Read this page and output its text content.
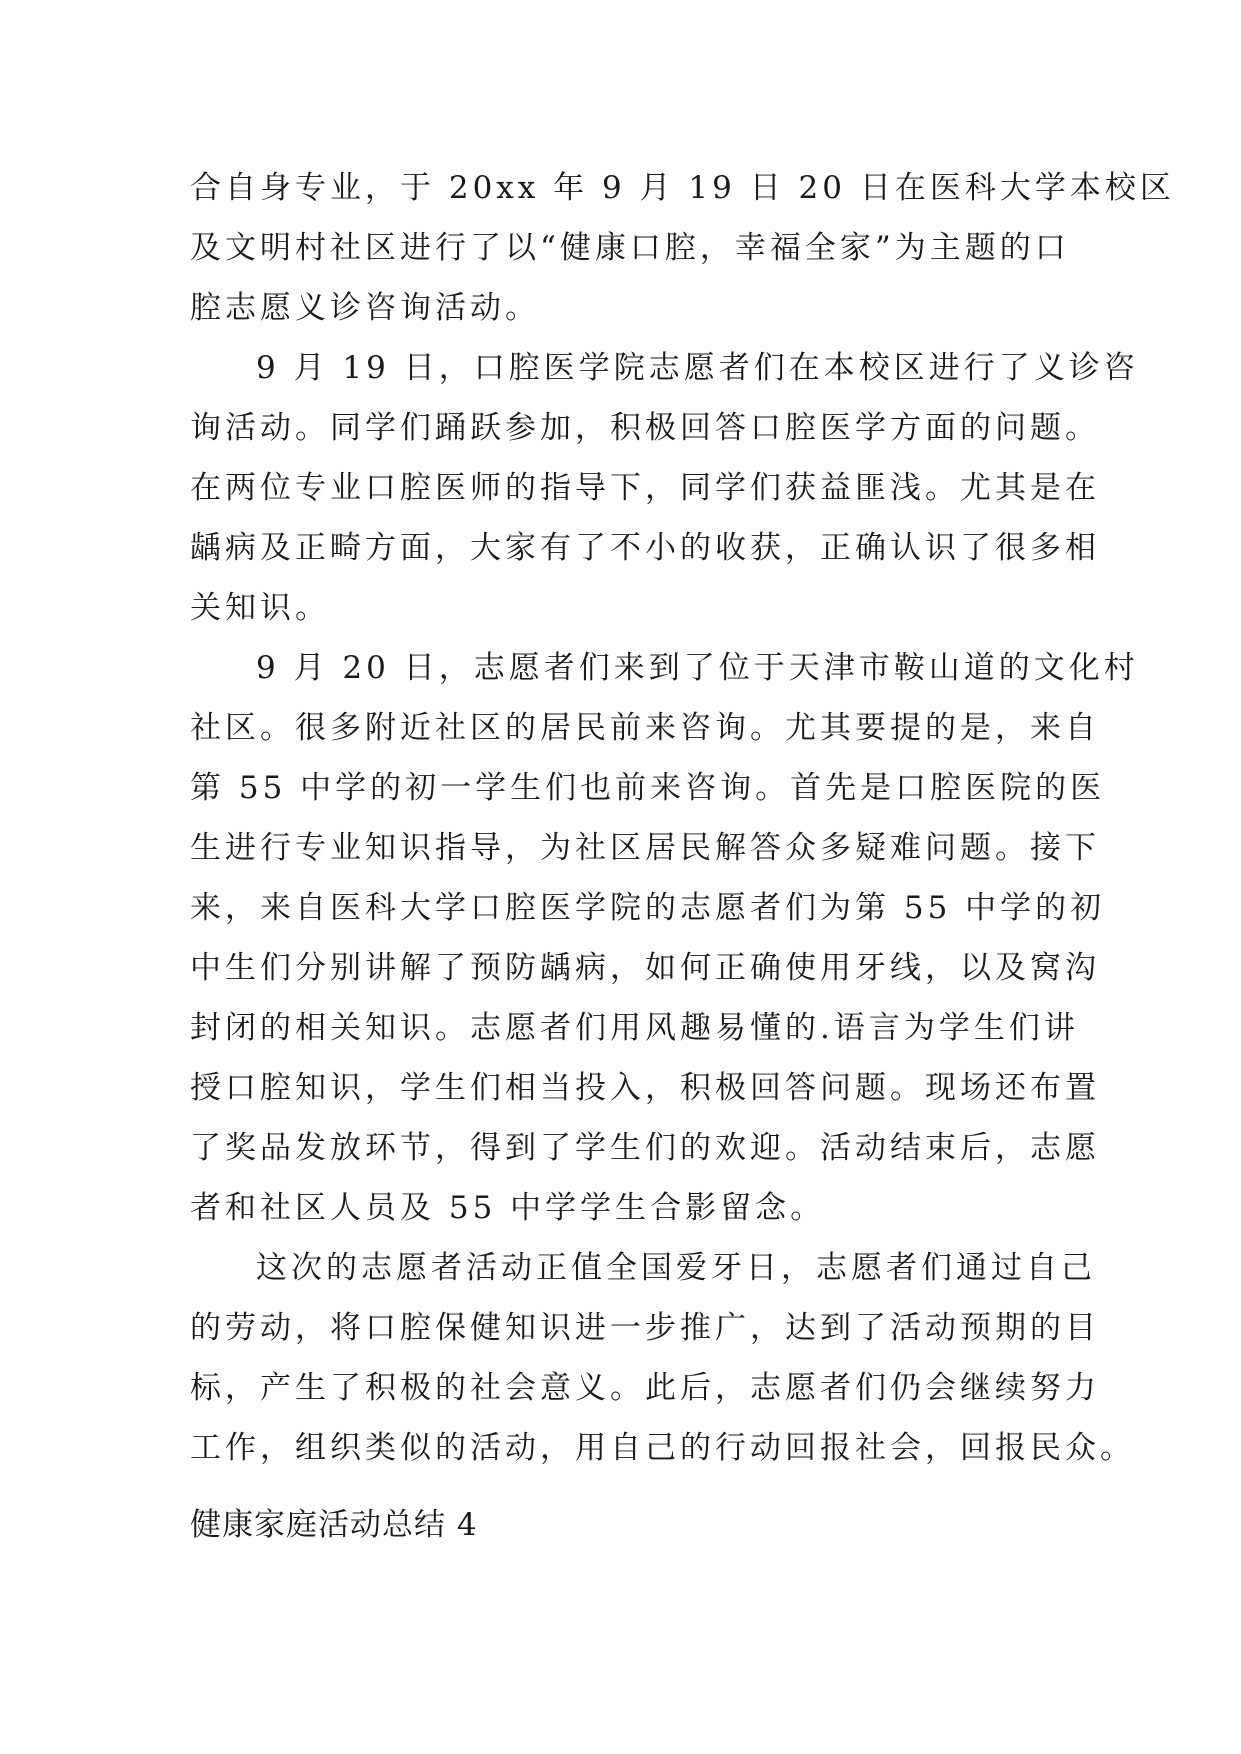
合自身专业，于 20xx 年 9 月 19 日 20 日在医科大学本校区
及文明村社区进行了以“健康口腔，幸福全家”为主题的口
腔志愿义诊咨询活动。
9 月 19 日，口腔医学院志愿者们在本校区进行了义诊咨
询活动。同学们踊跃参加，积极回答口腔医学方面的问题。
在两位专业口腔医师的指导下，同学们获益匪浅。尤其是在
龋病及正畸方面，大家有了不小的收获，正确认识了很多相
关知识。
9 月 20 日，志愿者们来到了位于天津市鞍山道的文化村
社区。很多附近社区的居民前来咨询。尤其要提的是，来自
第 55 中学的初一学生们也前来咨询。首先是口腔医院的医
生进行专业知识指导，为社区居民解答众多疑难问题。接下
来，来自医科大学口腔医学院的志愿者们为第 55 中学的初
中生们分别讲解了预防龋病，如何正确使用牙线，以及窝沟
封闭的相关知识。志愿者们用风趣易懂的.语言为学生们讲
授口腔知识，学生们相当投入，积极回答问题。现场还布置
了奖品发放环节，得到了学生们的欢迎。活动结束后，志愿
者和社区人员及 55 中学学生合影留念。
这次的志愿者活动正值全国爱牙日，志愿者们通过自己
的劳动，将口腔保健知识进一步推广，达到了活动预期的目
标，产生了积极的社会意义。此后，志愿者们仍会继续努力
工作，组织类似的活动，用自己的行动回报社会，回报民众。
健康家庭活动总结 4
